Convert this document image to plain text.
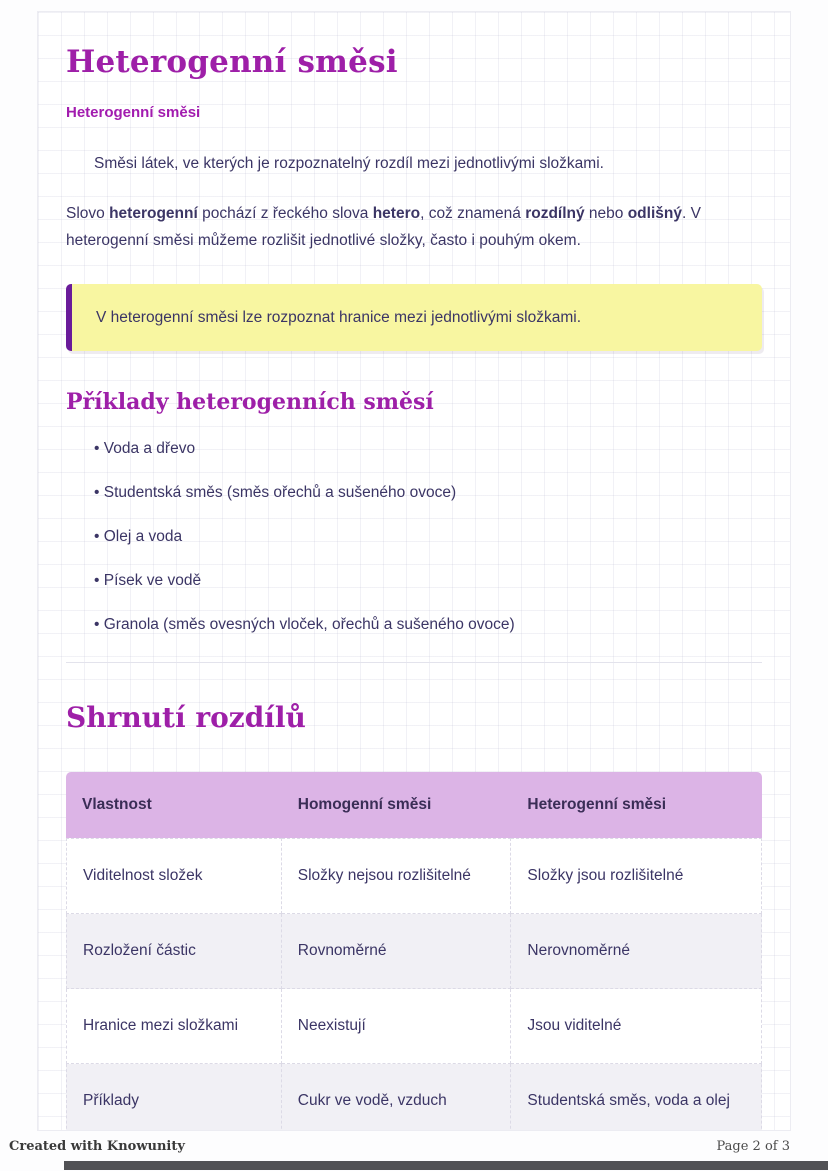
Heterogenní směsi
Heterogenní směsi

Směsi látek, ve kterých je rozpoznatelný rozdíl mezi jednotlivými složkami.

Slovo heterogenní pochází z řeckého slova hetero, což znamená rozdílný nebo odlišný. V heterogenní směsi můžeme rozlišit jednotlivé složky, často i pouhým okem.

V heterogenní směsi lze rozpoznat hranice mezi jednotlivými složkami.

Příklady heterogenních směsí
• Voda a dřevo
• Studentská směs (směs ořechů a sušeného ovoce)
• Olej a voda
• Písek ve vodě
• Granola (směs ovesných vloček, ořechů a sušeného ovoce)
Shrnutí rozdílů
Vlastnost	Homogenní směsi	Heterogenní směsi
Viditelnost složek	Složky nejsou rozlišitelné	Složky jsou rozlišitelné
Rozložení částic	Rovnoměrné	Nerovnoměrné
Hranice mezi složkami	Neexistují	Jsou viditelné
Příklady	Cukr ve vodě, vzduch	Studentská směs, voda a olej
Created with Knowunity	Page 2 of 3
